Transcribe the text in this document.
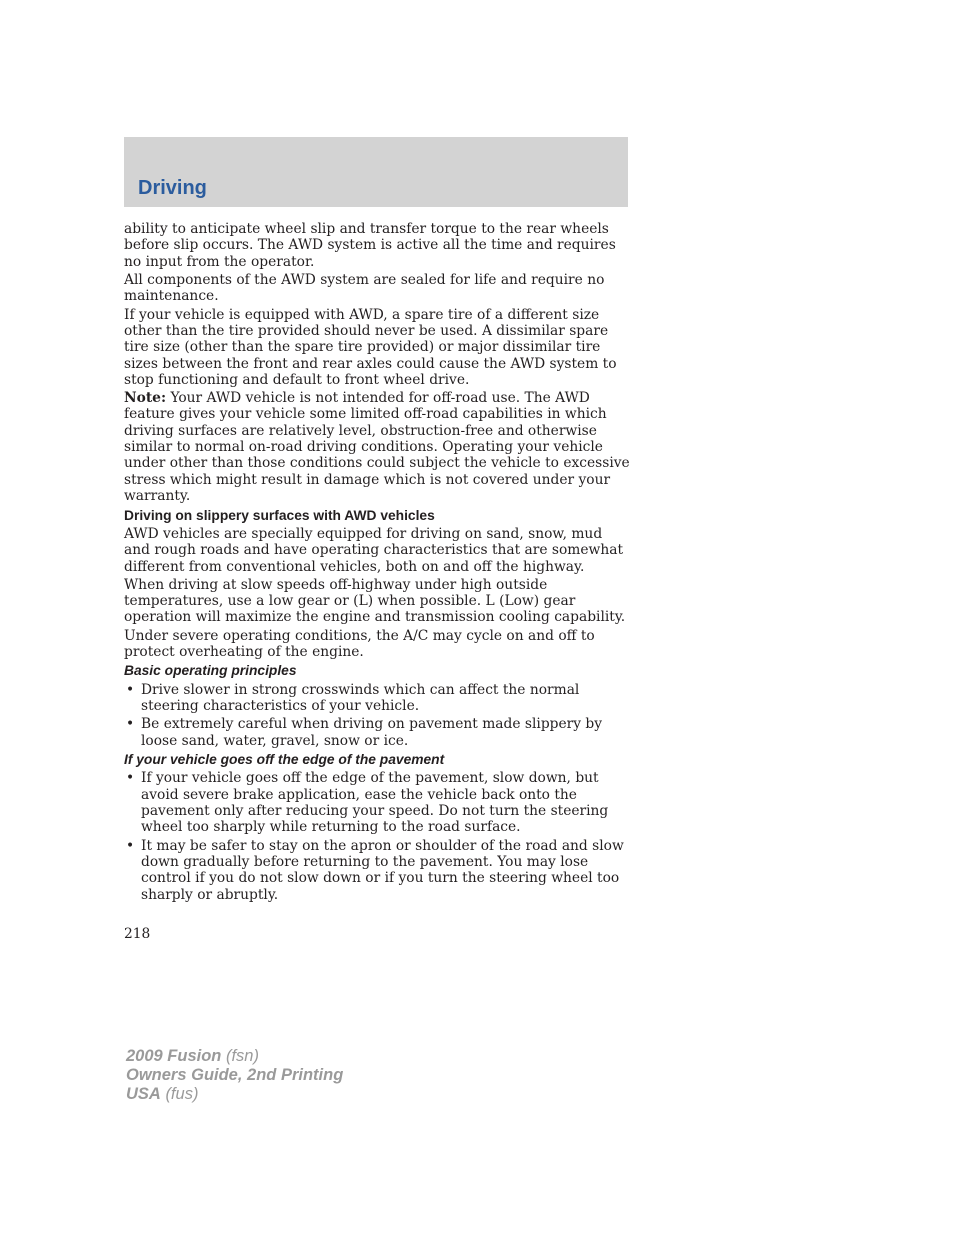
Driving

ability to anticipate wheel slip and transfer torque to the rear wheels before slip occurs. The AWD system is active all the time and requires no input from the operator.

All components of the AWD system are sealed for life and require no maintenance.

If your vehicle is equipped with AWD, a spare tire of a different size other than the tire provided should never be used. A dissimilar spare tire size (other than the spare tire provided) or major dissimilar tire sizes between the front and rear axles could cause the AWD system to stop functioning and default to front wheel drive.

Note: Your AWD vehicle is not intended for off-road use. The AWD feature gives your vehicle some limited off-road capabilities in which driving surfaces are relatively level, obstruction-free and otherwise similar to normal on-road driving conditions. Operating your vehicle under other than those conditions could subject the vehicle to excessive stress which might result in damage which is not covered under your warranty.

Driving on slippery surfaces with AWD vehicles

AWD vehicles are specially equipped for driving on sand, snow, mud and rough roads and have operating characteristics that are somewhat different from conventional vehicles, both on and off the highway.

When driving at slow speeds off-highway under high outside temperatures, use a low gear or (L) when possible. L (Low) gear operation will maximize the engine and transmission cooling capability.

Under severe operating conditions, the A/C may cycle on and off to protect overheating of the engine.

Basic operating principles
• Drive slower in strong crosswinds which can affect the normal steering characteristics of your vehicle.
• Be extremely careful when driving on pavement made slippery by loose sand, water, gravel, snow or ice.
If your vehicle goes off the edge of the pavement
• If your vehicle goes off the edge of the pavement, slow down, but avoid severe brake application, ease the vehicle back onto the pavement only after reducing your speed. Do not turn the steering wheel too sharply while returning to the road surface.
• It may be safer to stay on the apron or shoulder of the road and slow down gradually before returning to the pavement. You may lose control if you do not slow down or if you turn the steering wheel too sharply or abruptly.
218
2009 Fusion (fsn)
Owners Guide, 2nd Printing
USA (fus)
